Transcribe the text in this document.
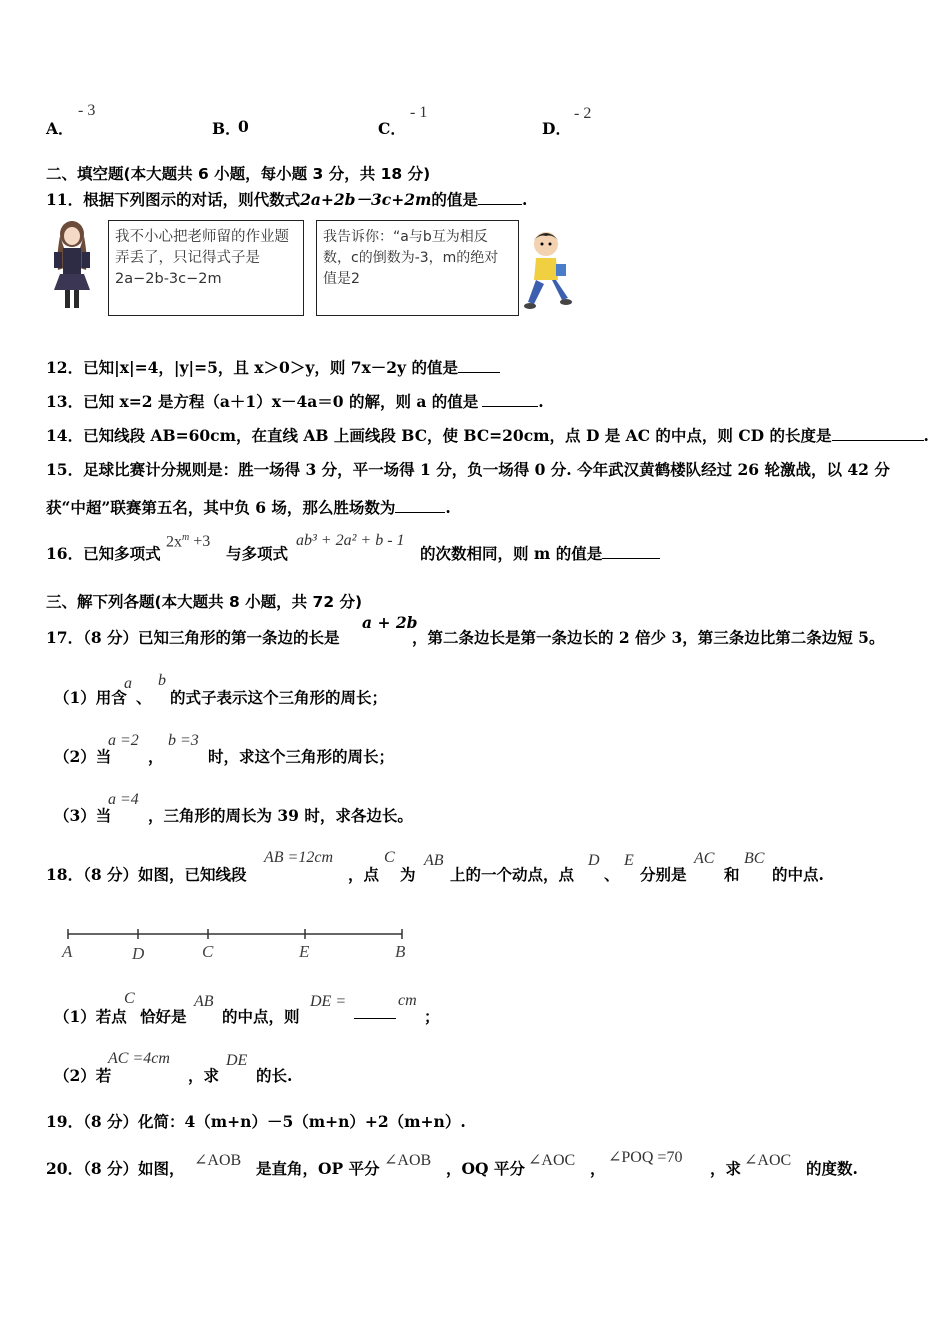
A．
- 3
B．
0	C．
- 1
D．
- 2
二、填空题(本大题共 6 小题，每小题 3 分，共 18 分)
11．根据下列图示的对话，则代数式2a+2b－3c+2m的值是	.
我不小心把老师留的作业题弄丢了，只记得式子是2a−2b-3c−2m
我告诉你：“a与b互为相反数，c的倒数为-3，m的绝对值是2
12．已知|x|=4，|y|=5，且 x＞0＞y，则 7x－2y 的值是
13．已知 x=2 是方程（a＋1）x－4a＝0 的解，则 a 的值是	.
14．已知线段 AB=60cm，在直线 AB 上画线段 BC，使 BC=20cm，点 D 是 AC 的中点，则 CD 的长度是	.
15．足球比赛计分规则是：胜一场得 3 分，平一场得 1 分，负一场得 0 分. 今年武汉黄鹤楼队经过 26 轮激战，以 42 分
获“中超”联赛第五名，其中负 6 场，那么胜场数为	.
16．已知多项式
$2x^m +3$
与多项式
ab³ + 2a² + b - 1
的次数相同，则 m 的值是
三、解下列各题(本大题共 8 小题，共 72 分)
17．（8 分）已知三角形的第一条边的长是
a + 2b
，第二条边长是第一条边长的 2 倍少 3，第三条边比第二条边短 5。
（1）用含
a
、
b
的式子表示这个三角形的周长；
（2）当
a =2
，
b =3
时，求这个三角形的周长；
（3）当
a =4
，三角形的周长为 39 时，求各边长。
18．（8 分）如图，已知线段
AB =12cm
，点
C
为
AB
上的一个动点，点
D
、
E
分别是
AC
和
BC
的中点.
A	D	C	E	B
（1）若点
C
恰好是
AB
的中点，则
DE =	cm
；
（2）若
AC =4cm
，求
DE
的长.
19．（8 分）化简：4（m+n）－5（m+n）+2（m+n）.
20．（8 分）如图， ∠AOB 是直角，OP 平分 ∠AOB ，OQ 平分 ∠AOC ，
∠POQ =70
，求 ∠AOC 的度数.
